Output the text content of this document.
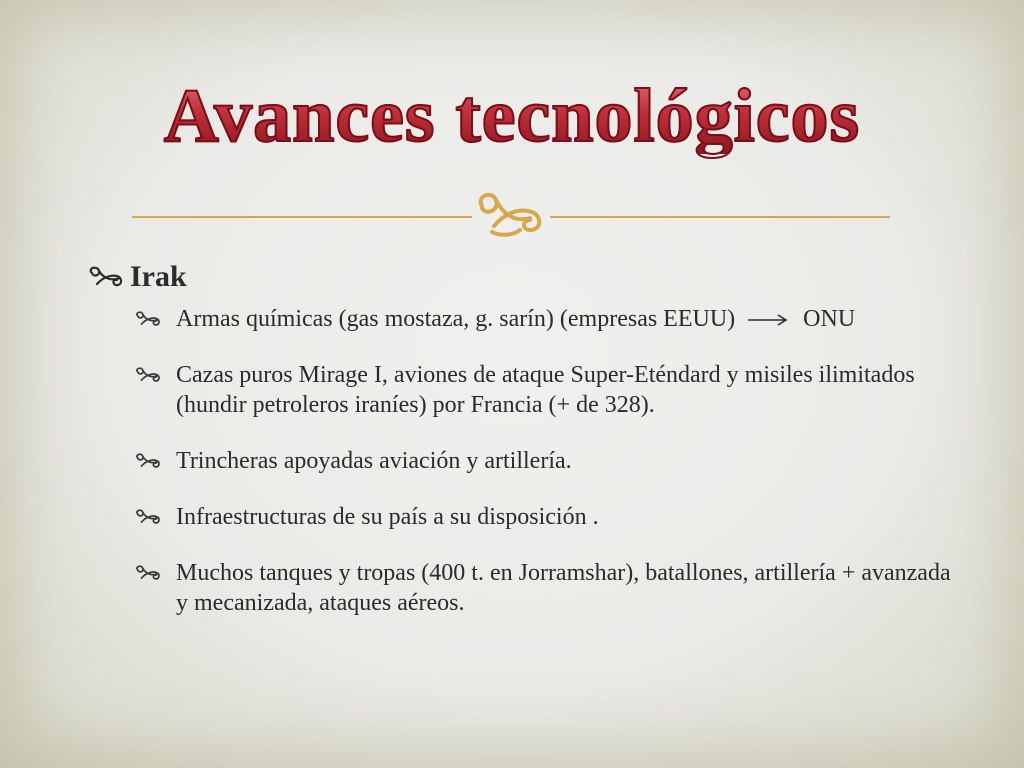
Avances tecnológicos
Irak
Armas químicas (gas mostaza, g. sarín) (empresas EEUU)	ONU
Cazas puros Mirage I, aviones de ataque Super-Eténdard y misiles ilimitados (hundir petroleros iraníes) por Francia (+ de 328).
Trincheras apoyadas aviación y artillería.
Infraestructuras de su país a su disposición .
Muchos tanques y tropas (400 t. en Jorramshar), batallones, artillería + avanzada y mecanizada, ataques aéreos.
